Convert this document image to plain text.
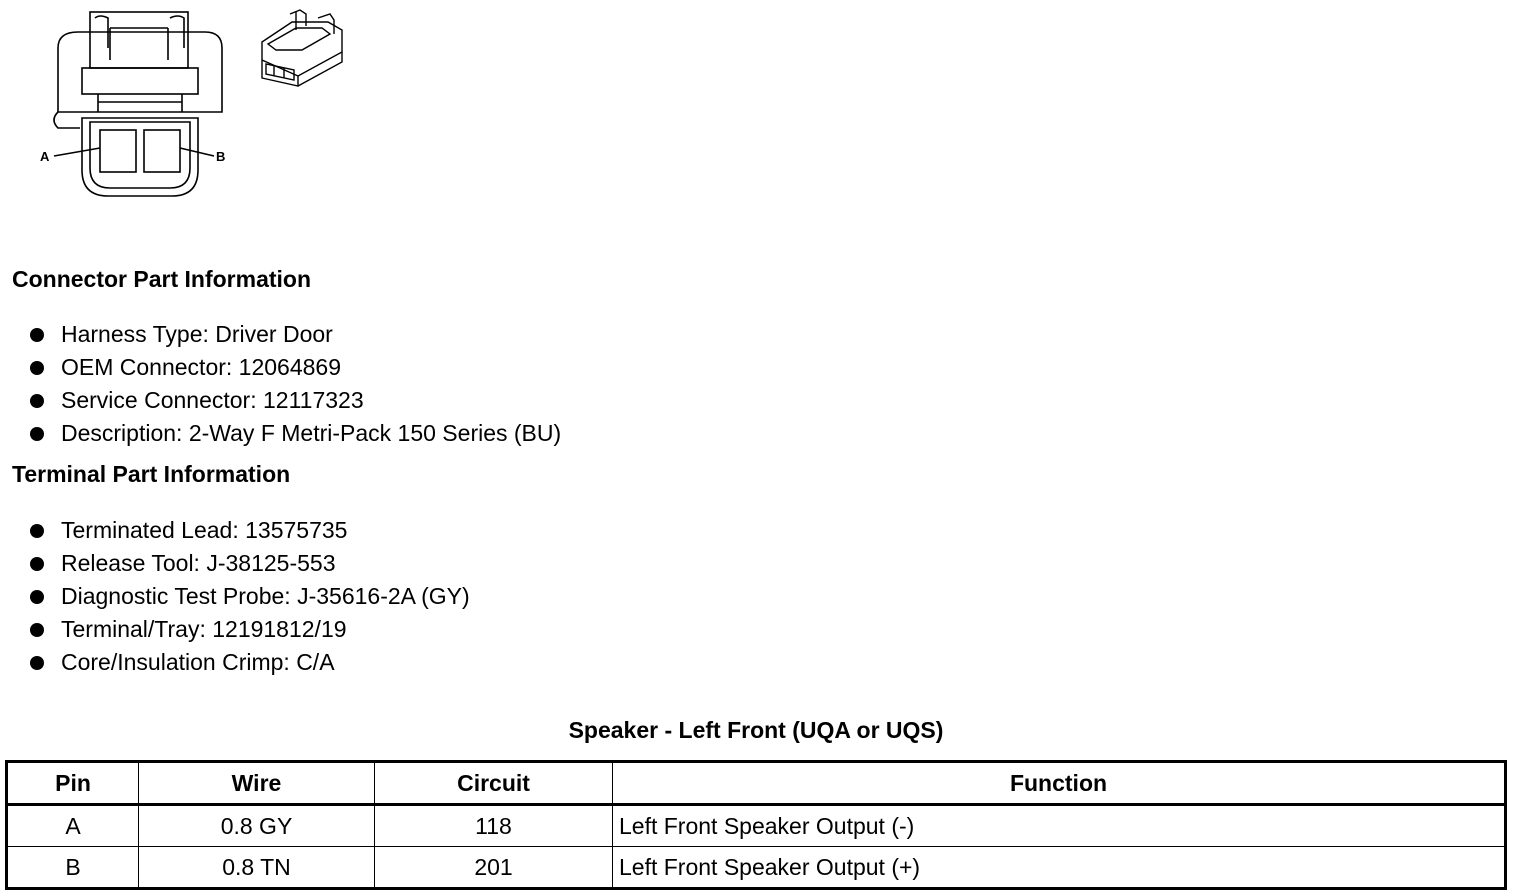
A	B
Connector Part Information
Harness Type: Driver Door
OEM Connector: 12064869
Service Connector: 12117323
Description: 2-Way F Metri-Pack 150 Series (BU)
Terminal Part Information
Terminated Lead: 13575735
Release Tool: J-38125-553
Diagnostic Test Probe: J-35616-2A (GY)
Terminal/Tray: 12191812/19
Core/Insulation Crimp: C/A
Speaker - Left Front (UQA or UQS)
Pin	Wire	Circuit	Function
A	0.8 GY	118	Left Front Speaker Output (-)
B	0.8 TN	201	Left Front Speaker Output (+)
